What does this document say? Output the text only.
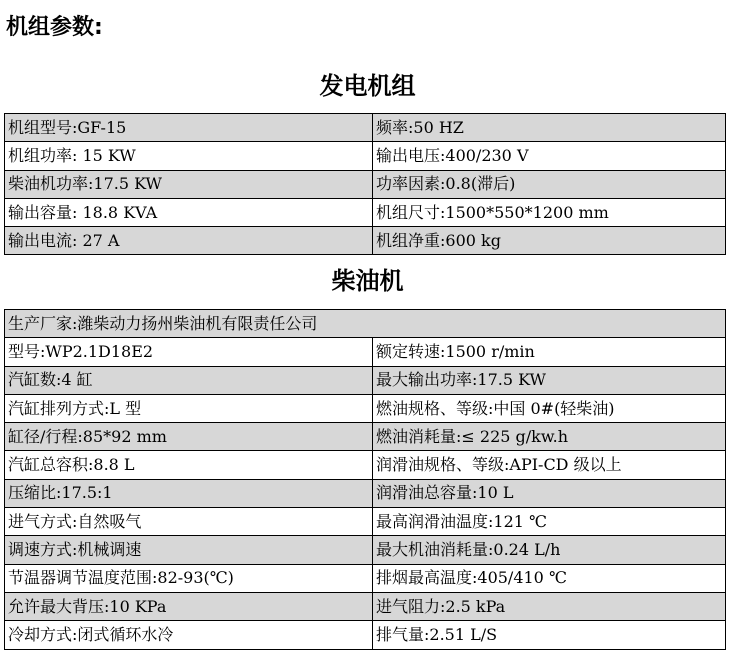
机组参数:
发电机组
机组型号:GF-15	频率:50 HZ
机组功率: 15 KW	输出电压:400/230 V
柴油机功率:17.5 KW	功率因素:0.8(滞后)
输出容量: 18.8 KVA	机组尺寸:1500*550*1200 mm
输出电流: 27 A	机组净重:600 kg
柴油机
生产厂家:潍柴动力扬州柴油机有限责任公司	
型号:WP2.1D18E2	额定转速:1500 r/min
汽缸数:4 缸	最大输出功率:17.5 KW
汽缸排列方式:L 型	燃油规格、等级:中国 0#(轻柴油)
缸径/行程:85*92 mm	燃油消耗量:≤ 225 g/kw.h
汽缸总容积:8.8 L	润滑油规格、等级:API-CD 级以上
压缩比:17.5:1	润滑油总容量:10 L
进气方式:自然吸气	最高润滑油温度:121 ℃
调速方式:机械调速	最大机油消耗量:0.24 L/h
节温器调节温度范围:82-93(℃)	排烟最高温度:405/410 ℃
允许最大背压:10 KPa	进气阻力:2.5 kPa
冷却方式:闭式循环水冷	排气量:2.51 L/S
